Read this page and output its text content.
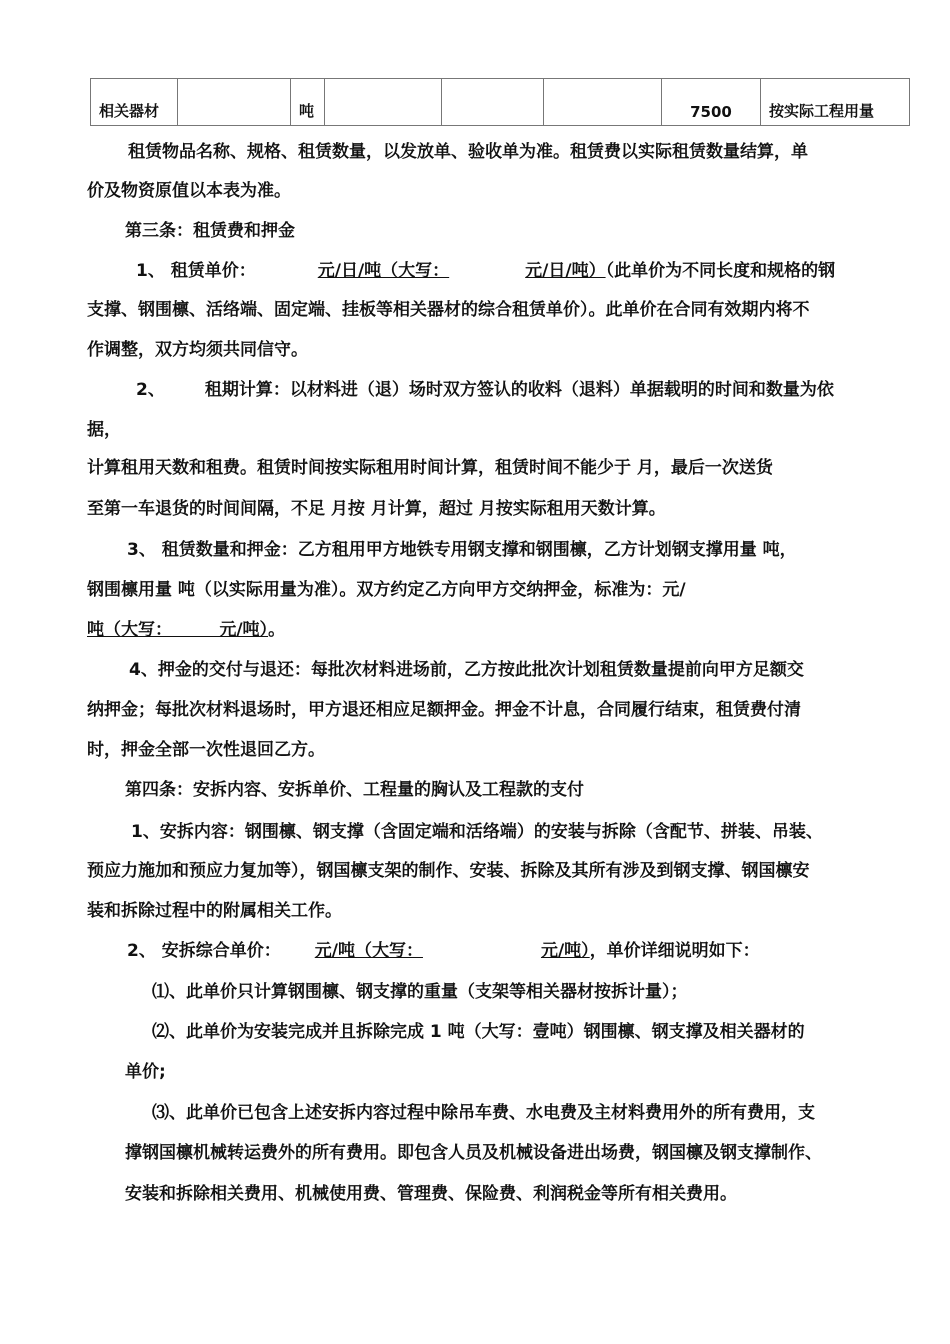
相关器材		吨				7500	按实际工程用量
租赁物品名称、规格、租赁数量，以发放单、验收单为准。租赁费以实际租赁数量结算，单
价及物资原值以本表为准。
第三条：租赁费和押金
1、 租赁单价：	元/日/吨（大写：	元/日/吨）（此单价为不同长度和规格的钢
支撑、钢围檩、活络端、固定端、挂板等相关器材的综合租赁单价）。此单价在合同有效期内将不
作调整，双方均须共同信守。
2、 租期计算：以材料进（退）场时双方签认的收料（退料）单据载明的时间和数量为依
据，
计算租用天数和租费。租赁时间按实际租用时间计算，租赁时间不能少于 月，最后一次送货
至第一车退货的时间间隔，不足 月按 月计算，超过 月按实际租用天数计算。
3、 租赁数量和押金：乙方租用甲方地铁专用钢支撑和钢围檩，乙方计划钢支撑用量 吨，
钢围檩用量 吨（以实际用量为准）。双方约定乙方向甲方交纳押金，标准为：元/
吨（大写：        元/吨）。
4、押金的交付与退还：每批次材料进场前，乙方按此批次计划租赁数量提前向甲方足额交
纳押金；每批次材料退场时，甲方退还相应足额押金。押金不计息，合同履行结束，租赁费付清
时，押金全部一次性退回乙方。
第四条：安拆内容、安拆单价、工程量的胸认及工程款的支付
1、安拆内容：钢围檩、钢支撑（含固定端和活络端）的安装与拆除（含配节、拼装、吊装、
预应力施加和预应力复加等），钢国檩支架的制作、安装、拆除及其所有涉及到钢支撑、钢国檩安
装和拆除过程中的附属相关工作。
2、 安拆综合单价： 元/吨（大写：	元/吨），单价详细说明如下：
⑴、此单价只计算钢围檩、钢支撑的重量（支架等相关器材按拆计量）；
⑵、此单价为安装完成并且拆除完成 1 吨（大写：壹吨）钢围檩、钢支撑及相关器材的
单价;
⑶、此单价已包含上述安拆内容过程中除吊车费、水电费及主材料费用外的所有费用，支
撑钢国檩机械转运费外的所有费用。即包含人员及机械设备进出场费，钢国檩及钢支撑制作、
安装和拆除相关费用、机械使用费、管理费、保险费、利润税金等所有相关费用。
